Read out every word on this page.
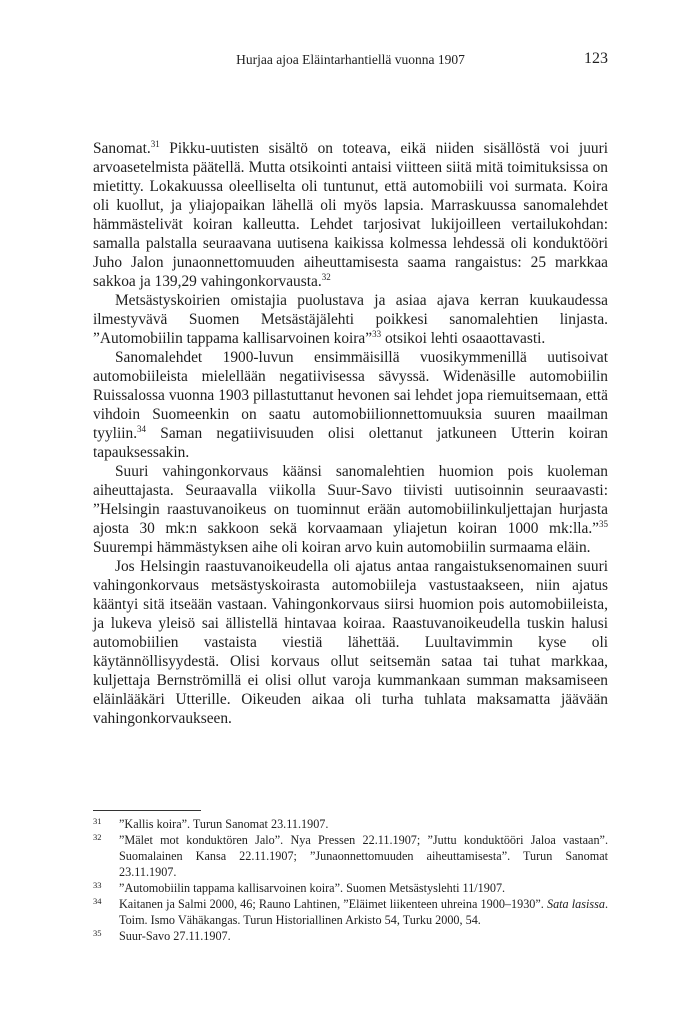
Hurjaa ajoa Eläintarhantiellä vuonna 1907	123

Sanomat.$^{31}$ Pikku-uutisten sisältö on toteava, eikä niiden sisällöstä voi juuri arvoasetelmista päätellä. Mutta otsikointi antaisi viitteen siitä mitä toimituksissa on mietitty. Lokakuussa oleelliselta oli tuntunut, että automobiili voi surmata. Koira oli kuollut, ja yliajopaikan lähellä oli myös lapsia. Marraskuussa sanomalehdet hämmästelivät koiran kalleutta. Lehdet tarjosivat lukijoilleen vertailukohdan: samalla palstalla seuraavana uutisena kaikissa kolmessa lehdessä oli konduktööri Juho Jalon junaonnettomuuden aiheuttamisesta saama rangaistus: 25 markkaa sakkoa ja 139,29 vahingonkorvausta.$^{32}$

Metsästyskoirien omistajia puolustava ja asiaa ajava kerran kuukaudessa ilmestyvävä Suomen Metsästäjälehti poikkesi sanomalehtien linjasta. ”Automobiilin tappama kallisarvoinen koira”$^{33}$ otsikoi lehti osaaottavasti.

Sanomalehdet 1900-luvun ensimmäisillä vuosikymmenillä uutisoivat automobiileista mielellään negatiivisessa sävyssä. Widenäsille automobiilin Ruissalossa vuonna 1903 pillastuttanut hevonen sai lehdet jopa riemuitsemaan, että vihdoin Suomeenkin on saatu automobiilionnettomuuksia suuren maailman tyyliin.$^{34}$ Saman negatiivisuuden olisi olettanut jatkuneen Utterin koiran tapauksessakin.

Suuri vahingonkorvaus käänsi sanomalehtien huomion pois kuoleman aiheuttajasta. Seuraavalla viikolla Suur-Savo tiivisti uutisoinnin seuraavasti: ”Helsingin raastuvanoikeus on tuominnut erään automobiilinkuljettajan hurjasta ajosta 30 mk:n sakkoon sekä korvaamaan yliajetun koiran 1000 mk:lla.”$^{35}$ Suurempi hämmästyksen aihe oli koiran arvo kuin automobiilin surmaama eläin.

Jos Helsingin raastuvanoikeudella oli ajatus antaa rangaistuksenomainen suuri vahingonkorvaus metsästyskoirasta automobiileja vastustaakseen, niin ajatus kääntyi sitä itseään vastaan. Vahingonkorvaus siirsi huomion pois automobiileista, ja lukeva yleisö sai ällistellä hintavaa koiraa. Raastuvanoikeudella tuskin halusi automobiilien vastaista viestiä lähettää. Luultavimmin kyse oli käytännöllisyydestä. Olisi korvaus ollut seitsemän sataa tai tuhat markkaa, kuljettaja Bernströmillä ei olisi ollut varoja kummankaan summan maksamiseen eläinlääkäri Utterille. Oikeuden aikaa oli turha tuhlata maksamatta jäävään vahingonkorvaukseen.

31	”Kallis koira”. Turun Sanomat 23.11.1907.
32	”Mälet mot konduktören Jalo”. Nya Pressen 22.11.1907; ”Juttu konduktööri Jaloa vastaan”. Suomalainen Kansa 22.11.1907; ”Junaonnettomuuden aiheuttamisesta”. Turun Sanomat 23.11.1907.
33	”Automobiilin tappama kallisarvoinen koira”. Suomen Metsästyslehti 11/1907.
34	Kaitanen ja Salmi 2000, 46; Rauno Lahtinen, ”Eläimet liikenteen uhreina 1900–1930”. Sata lasissa. Toim. Ismo Vähäkangas. Turun Historiallinen Arkisto 54, Turku 2000, 54.
35	Suur-Savo 27.11.1907.
